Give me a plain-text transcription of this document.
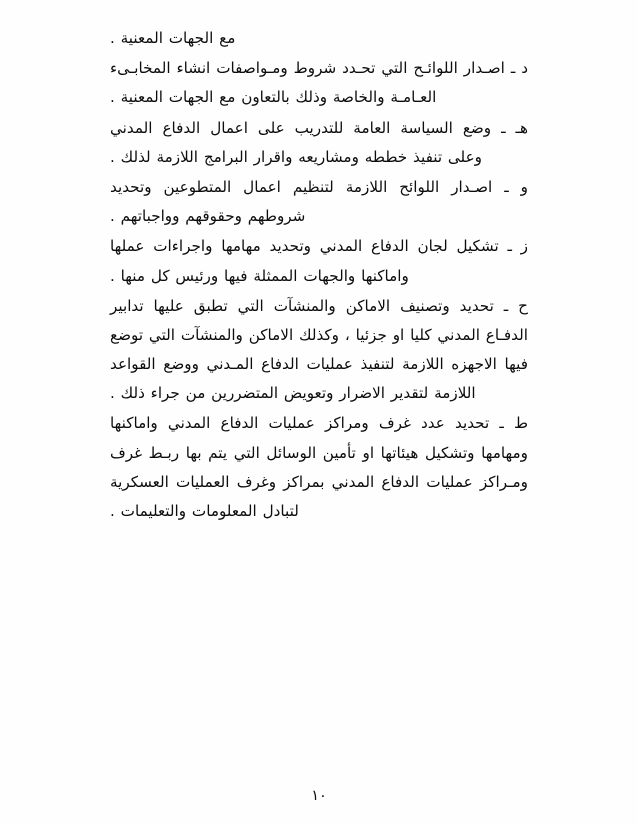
مع الجهات المعنية .

د ـ اصـدار اللوائـح التي تحـدد شروط ومـواصفات انشاء المخابـىء العـامـة والخاصة وذلك بالتعاون مع الجهات المعنية .

هـ ـ وضع السياسة العامة للتدريب على اعمال الدفاع المدني وعلى تنفيذ خططه ومشاريعه واقرار البرامج اللازمة لذلك .

و ـ اصـدار اللوائح اللازمة لتنظيم اعمال المتطوعين وتحديد شروطهم وحقوقهم وواجباتهم .

ز ـ تشكيل لجان الدفاع المدني وتحديد مهامها واجراءات عملها واماكنها والجهات الممثلة فيها ورئيس كل منها .

ح ـ تحديد وتصنيف الاماكن والمنشآت التي تطبق عليها تدابير الدفـاع المدني كليا او جزئيا ، وكذلك الاماكن والمنشآت التي توضع فيها الاجهزه اللازمة لتنفيذ عمليات الدفاع المـدني ووضع القواعد اللازمة لتقدير الاضرار وتعويض المتضررين من جراء ذلك .

ط ـ تحديد عدد غرف ومراكز عمليات الدفاع المدني واماكنها ومهامها وتشكيل هيئاتها او تأمين الوسائل التي يتم بها ربـط غرف ومـراكز عمليات الدفاع المدني بمراكز وغرف العمليات العسكرية لتبادل المعلومات والتعليمات .

١٠
